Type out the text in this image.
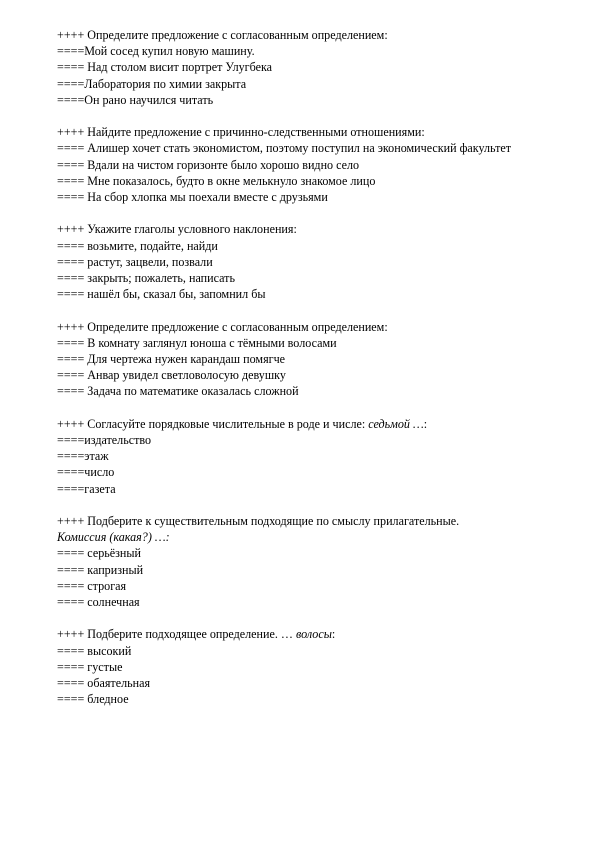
++++ Определите предложение с согласованным определением:
====Мой сосед купил новую машину.
==== Над столом висит портрет Улугбека
====Лаборатория по химии закрыта
====Он рано научился читать
++++ Найдите предложение с причинно-следственными отношениями:
==== Алишер хочет стать экономистом, поэтому поступил на экономический факультет
==== Вдали на чистом горизонте было хорошо видно село
==== Мне показалось, будто в окне мелькнуло знакомое лицо
==== На сбор хлопка мы поехали вместе с друзьями
++++ Укажите глаголы условного наклонения:
==== возьмите, подайте, найди
==== растут, зацвели, позвали
==== закрыть; пожалеть, написать
==== нашёл бы, сказал бы, запомнил бы
++++ Определите предложение с согласованным определением:
==== В комнату заглянул юноша с тёмными волосами
==== Для чертежа нужен карандаш помягче
==== Анвар увидел светловолосую девушку
==== Задача по математике оказалась сложной
++++ Согласуйте порядковые числительные в роде и числе: седьмой …:
====издательство
====этаж
====число
====газета
++++ Подберите к существительным подходящие по смыслу прилагательные.
Комиссия (какая?) …:
==== серьёзный
==== капризный
==== строгая
==== солнечная
++++ Подберите подходящее определение. … волосы:
==== высокий
==== густые
==== обаятельная
==== бледное
